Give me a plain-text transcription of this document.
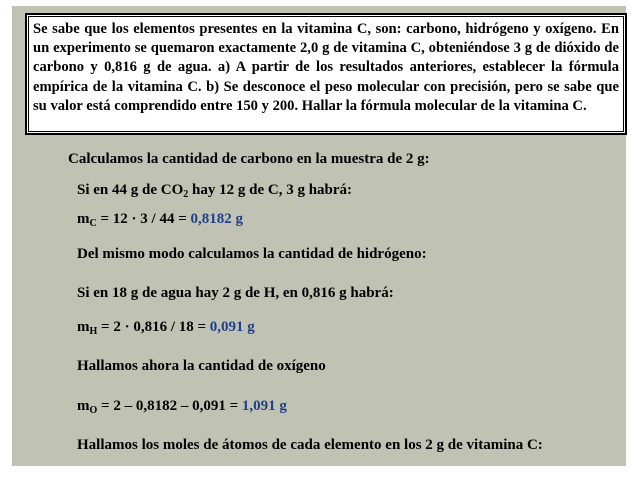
Se sabe que los elementos presentes en la vitamina C, son: carbono, hidrógeno y oxígeno. En un experimento se quemaron exactamente 2,0 g de vitamina C, obteniéndose 3 g de dióxido de carbono y 0,816 g de agua. a) A partir de los resultados anteriores, establecer la fórmula empírica de la vitamina C. b) Se desconoce el peso molecular con precisión, pero se sabe que su valor está comprendido entre 150 y 200. Hallar la fórmula molecular de la vitamina C.
Calculamos la cantidad de carbono en la muestra de 2 g:
Si en 44 g de $CO_2$ hay 12 g de C, 3 g habrá:
$m_C = 12 \cdot 3 / 44 = 0,8182$ g
Del mismo modo calculamos la cantidad de hidrógeno:
Si en 18 g de agua hay 2 g de H, en 0,816 g habrá:
$m_H = 2 \cdot 0,816 / 18 = 0,091$ g
Hallamos ahora la cantidad de oxígeno
$m_O = 2 - 0,8182 - 0,091 = 1,091$ g
Hallamos los moles de átomos de cada elemento en los 2 g de vitamina C:
